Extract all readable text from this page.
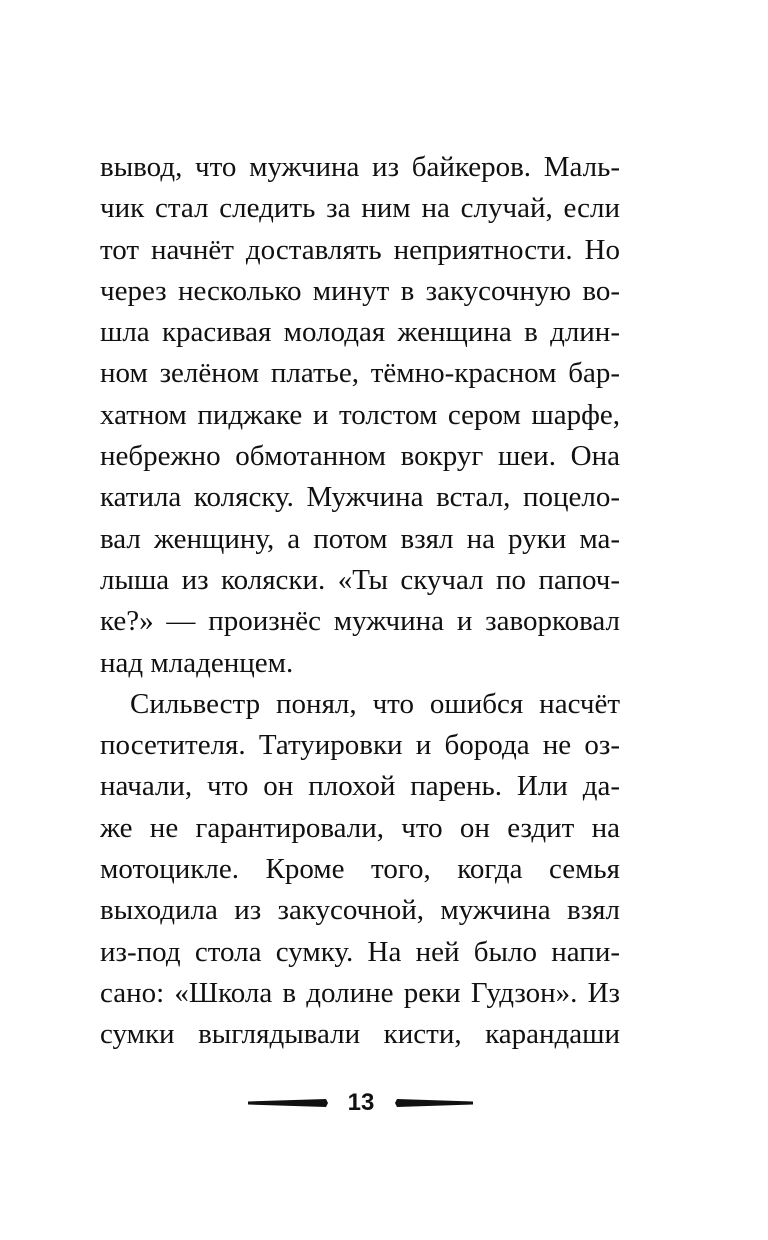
вывод, что мужчина из байкеров. Маль-
чик стал следить за ним на случай, если
тот начнёт доставлять неприятности. Но
через несколько минут в закусочную во-
шла красивая молодая женщина в длин-
ном зелёном платье, тёмно-красном бар-
хатном пиджаке и толстом сером шарфе,
небрежно обмотанном вокруг шеи. Она
катила коляску. Мужчина встал, поцело-
вал женщину, а потом взял на руки ма-
лыша из коляски. «Ты скучал по папоч-
ке?» — произнёс мужчина и заворковал
над младенцем.
Сильвестр понял, что ошибся насчёт
посетителя. Татуировки и борода не оз-
начали, что он плохой парень. Или да-
же не гарантировали, что он ездит на
мотоцикле. Кроме того, когда семья
выходила из закусочной, мужчина взял
из-под стола сумку. На ней было напи-
сано: «Школа в долине реки Гудзон». Из
сумки выглядывали кисти, карандаши
13
